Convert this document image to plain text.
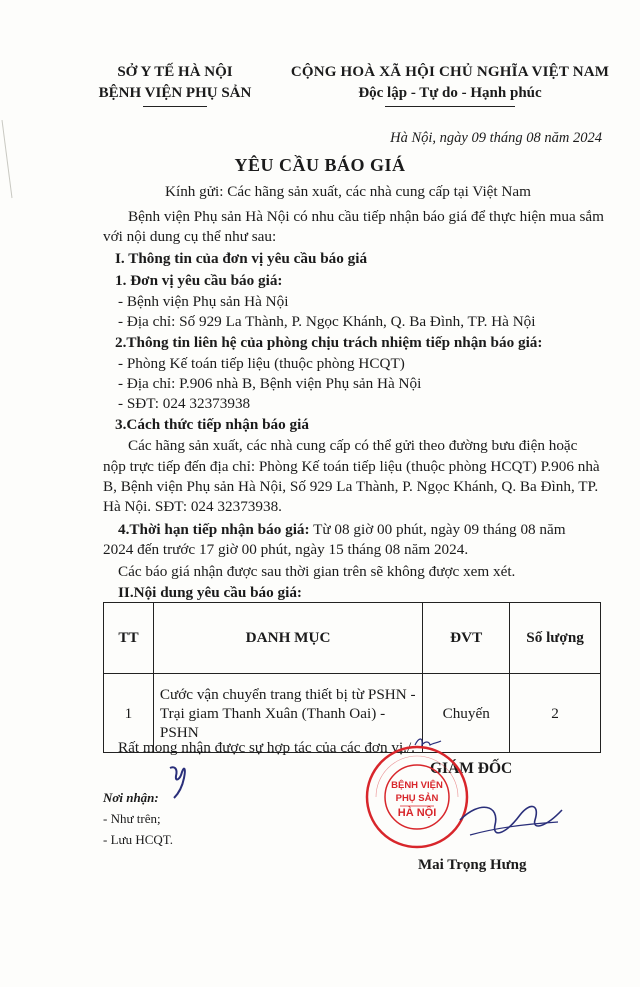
SỞ Y TẾ HÀ NỘI
BỆNH VIỆN PHỤ SẢN
CỘNG HOÀ XÃ HỘI CHỦ NGHĨA VIỆT NAM
Độc lập - Tự do - Hạnh phúc
Hà Nội, ngày 09 tháng 08 năm 2024
YÊU CẦU BÁO GIÁ
Kính gửi: Các hãng sản xuất, các nhà cung cấp tại Việt Nam
Bệnh viện Phụ sản Hà Nội có nhu cầu tiếp nhận báo giá để thực hiện mua sắm
với nội dung cụ thể như sau:
I. Thông tin của đơn vị yêu cầu báo giá
1. Đơn vị yêu cầu báo giá:
- Bệnh viện Phụ sản Hà Nội
- Địa chỉ: Số 929 La Thành, P. Ngọc Khánh, Q. Ba Đình, TP. Hà Nội
2.Thông tin liên hệ của phòng chịu trách nhiệm tiếp nhận báo giá:
- Phòng Kế toán tiếp liệu (thuộc phòng HCQT)
- Địa chỉ: P.906 nhà B, Bệnh viện Phụ sản Hà Nội
- SĐT: 024 32373938
3.Cách thức tiếp nhận báo giá
Các hãng sản xuất, các nhà cung cấp có thể gửi theo đường bưu điện hoặc
nộp trực tiếp đến địa chỉ: Phòng Kế toán tiếp liệu (thuộc phòng HCQT) P.906 nhà
B, Bệnh viện Phụ sản Hà Nội, Số 929 La Thành, P. Ngọc Khánh, Q. Ba Đình, TP.
Hà Nội. SĐT: 024 32373938.
4.Thời hạn tiếp nhận báo giá: Từ 08 giờ 00 phút, ngày 09 tháng 08 năm
2024 đến trước 17 giờ 00 phút, ngày 15 tháng 08 năm 2024.
Các báo giá nhận được sau thời gian trên sẽ không được xem xét.
II.Nội dung yêu cầu báo giá:
TT	DANH MỤC	ĐVT	Số lượng
1	Cước vận chuyển trang thiết bị từ PSHN -
Trại giam Thanh Xuân (Thanh Oai) -
PSHN	Chuyến	2
Rất mong nhận được sự hợp tác của các đơn vị./.
Nơi nhận:
- Như trên;
- Lưu HCQT.
GIÁM ĐỐC
BỆNH VIỆN
PHỤ SẢN
HÀ NỘI
Mai Trọng Hưng
